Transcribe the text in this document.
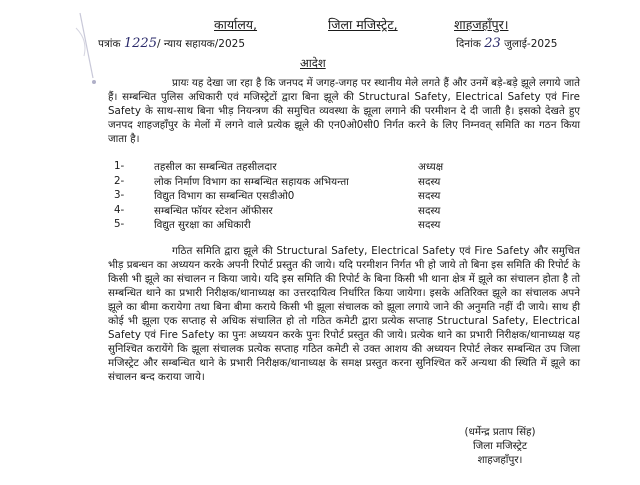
कार्यालय,	जिला मजिस्ट्रेट,	शाहजहाँपुर।
पत्रांक 1225/ न्याय सहायक/2025	दिनांक 23 जुलाई-2025
आदेश

प्रायः यह देखा जा रहा है कि जनपद में जगह-जगह पर स्थानीय मेले लगते हैं और उनमें बड़े-बड़े झूले लगाये जाते हैं। सम्बन्धित पुलिस अधिकारी एवं मजिस्ट्रेटों द्वारा बिना झूले की Structural Safety, Electrical Safety एवं Fire Safety के साथ-साथ बिना भीड़ नियन्त्रण की समुचित व्यवस्था के झूला लगाने की परमीशन दे दी जाती है। इसको देखते हुए जनपद शाहजहाँपुर के मेलों में लगने वाले प्रत्येक झूले की एन0ओ0सी0 निर्गत करने के लिए निम्नवत् समिति का गठन किया जाता है।

1-	तहसील का सम्बन्धित तहसीलदार	अध्यक्ष
2-	लोक निर्माण विभाग का सम्बन्धित सहायक अभियन्ता	सदस्य
3-	विद्युत विभाग का सम्बन्धित एसडीओ0	सदस्य
4-	सम्बन्धित फॉयर स्टेशन ऑफीसर	सदस्य
5-	विद्युत सुरक्षा का अधिकारी	सदस्य

गठित समिति द्वारा झूले की Structural Safety, Electrical Safety एवं Fire Safety और समुचित भीड़ प्रबन्धन का अध्ययन करके अपनी रिपोर्ट प्रस्तुत की जाये। यदि परमीशन निर्गत भी हो जाये तो बिना इस समिति की रिपोर्ट के किसी भी झूले का संचालन न किया जाये। यदि इस समिति की रिपोर्ट के बिना किसी भी थाना क्षेत्र में झूले का संचालन होता है तो सम्बन्धित थाने का प्रभारी निरीक्षक/थानाध्यक्ष का उत्तरदायित्व निर्धारित किया जायेगा। इसके अतिरिक्त झूले का संचालक अपने झूले का बीमा करायेगा तथा बिना बीमा कराये किसी भी झूला संचालक को झूला लगाये जाने की अनुमति नहीं दी जाये। साथ ही कोई भी झूला एक सप्ताह से अधिक संचालित हो तो गठित कमेटी द्वारा प्रत्येक सप्ताह Structural Safety, Electrical Safety एवं Fire Safety का पुनः अध्ययन करके पुनः रिपोर्ट प्रस्तुत की जाये। प्रत्येक थाने का प्रभारी निरीक्षक/थानाध्यक्ष यह सुनिश्चित करायेंगे कि झूला संचालक प्रत्येक सप्ताह गठित कमेटी से उक्त आशय की अध्ययन रिपोर्ट लेकर सम्बन्धित उप जिला मजिस्ट्रेट और सम्बन्धित थाने के प्रभारी निरीक्षक/थानाध्यक्ष के समक्ष प्रस्तुत करना सुनिश्चित करें अन्यथा की स्थिति में झूले का संचालन बन्द कराया जाये।

(धर्मेन्द्र प्रताप सिंह)
जिला मजिस्ट्रेट
शाहजहाँपुर।
